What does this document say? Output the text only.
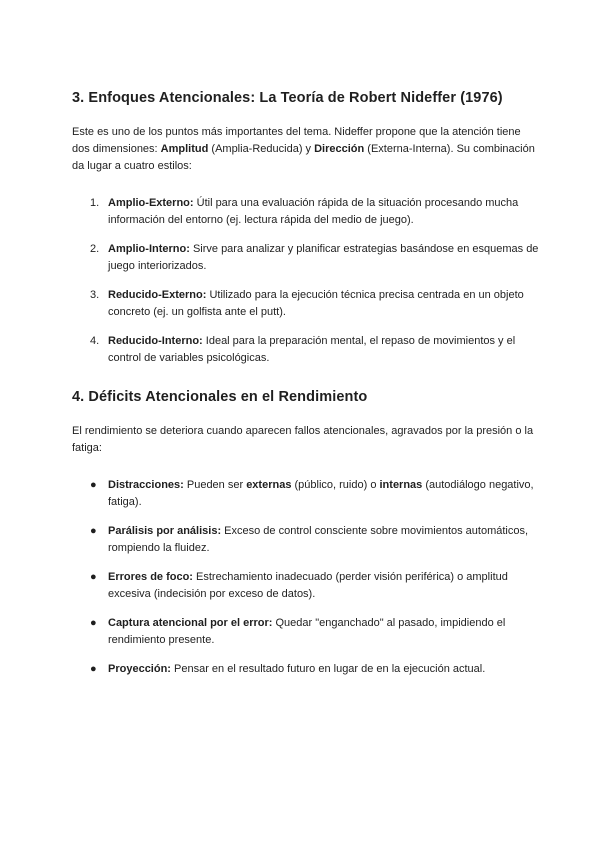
3. Enfoques Atencionales: La Teoría de Robert Nideffer (1976)

Este es uno de los puntos más importantes del tema. Nideffer propone que la atención tiene dos dimensiones: Amplitud (Amplia-Reducida) y Dirección (Externa-Interna). Su combinación da lugar a cuatro estilos:

1. Amplio-Externo: Útil para una evaluación rápida de la situación procesando mucha información del entorno (ej. lectura rápida del medio de juego).
2. Amplio-Interno: Sirve para analizar y planificar estrategias basándose en esquemas de juego interiorizados.
3. Reducido-Externo: Utilizado para la ejecución técnica precisa centrada en un objeto concreto (ej. un golfista ante el putt).
4. Reducido-Interno: Ideal para la preparación mental, el repaso de movimientos y el control de variables psicológicas.
4. Déficits Atencionales en el Rendimiento

El rendimiento se deteriora cuando aparecen fallos atencionales, agravados por la presión o la fatiga:

● Distracciones: Pueden ser externas (público, ruido) o internas (autodiálogo negativo, fatiga).
● Parálisis por análisis: Exceso de control consciente sobre movimientos automáticos, rompiendo la fluidez.
● Errores de foco: Estrechamiento inadecuado (perder visión periférica) o amplitud excesiva (indecisión por exceso de datos).
● Captura atencional por el error: Quedar "enganchado" al pasado, impidiendo el rendimiento presente.
● Proyección: Pensar en el resultado futuro en lugar de en la ejecución actual.
